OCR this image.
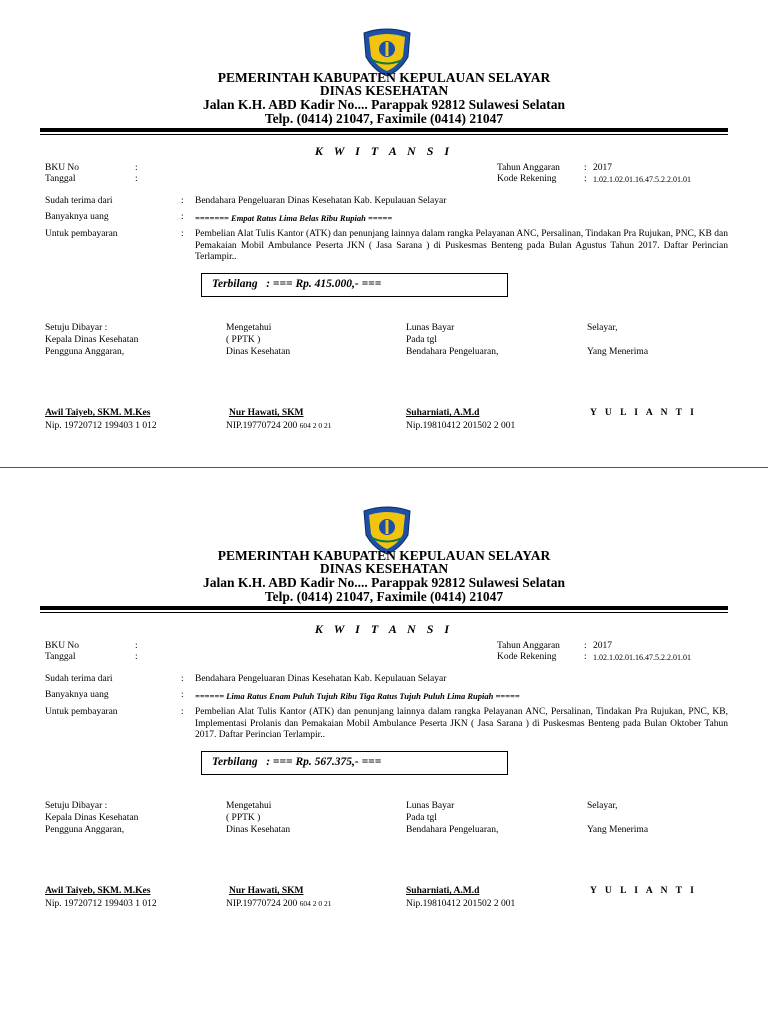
PEMERINTAH KABUPATEN KEPULAUAN SELAYAR
DINAS KESEHATAN
Jalan K.H. ABD Kadir No.... Parappak 92812 Sulawesi Selatan
Telp. (0414) 21047, Faximile (0414) 21047
K W I T A N S I
BKU No	:
Tanggal	:
Tahun Anggaran	: 2017
Kode Rekening	: 1.02.1.02.01.16.47.5.2.2.01.01
Sudah terima dari	: Bendahara Pengeluaran Dinas Kesehatan Kab. Kepulauan Selayar
Banyaknya uang	: ======= Empat Ratus Lima Belas Ribu Rupiah =====
Untuk pembayaran	: Pembelian Alat Tulis Kantor (ATK) dan penunjang lainnya dalam rangka Pelayanan ANC, Persalinan, Tindakan Pra Rujukan, PNC, KB dan Pemakaian Mobil Ambulance Peserta JKN ( Jasa Sarana ) di Puskesmas Benteng pada Bulan Agustus Tahun 2017. Daftar Perincian Terlampir..
Terbilang : === Rp. 415.000,- ===
Setuju Dibayar :
Kepala Dinas Kesehatan
Pengguna Anggaran,
Mengetahui
( PPTK )
Dinas Kesehatan
Lunas Bayar
Pada tgl
Bendahara Pengeluaran,
Selayar,
Yang Menerima
Awil Taiyeb, SKM. M.Kes	Nur Hawati, SKM	Suharniati, A.M.d	Y U L I A N T I
Nip. 19720712 199403 1 012	NIP.19770724 200 604 2 0 21	Nip.19810412 201502 2 001
PEMERINTAH KABUPATEN KEPULAUAN SELAYAR
DINAS KESEHATAN
Jalan K.H. ABD Kadir No.... Parappak 92812 Sulawesi Selatan
Telp. (0414) 21047, Faximile (0414) 21047
K W I T A N S I
BKU No	:
Tanggal	:
Tahun Anggaran	: 2017
Kode Rekening	: 1.02.1.02.01.16.47.5.2.2.01.01
Sudah terima dari	: Bendahara Pengeluaran Dinas Kesehatan Kab. Kepulauan Selayar
Banyaknya uang	: ====== Lima Ratus Enam Puluh Tujuh Ribu Tiga Ratus Tujuh Puluh Lima Rupiah =====
Untuk pembayaran	: Pembelian Alat Tulis Kantor (ATK) dan penunjang lainnya dalam rangka Pelayanan ANC, Persalinan, Tindakan Pra Rujukan, PNC, KB, Implementasi Prolanis dan Pemakaian Mobil Ambulance Peserta JKN ( Jasa Sarana ) di Puskesmas Benteng pada Bulan Oktober Tahun 2017. Daftar Perincian Terlampir..
Terbilang : === Rp. 567.375,- ===
Setuju Dibayar :
Kepala Dinas Kesehatan
Pengguna Anggaran,
Mengetahui
( PPTK )
Dinas Kesehatan
Lunas Bayar
Pada tgl
Bendahara Pengeluaran,
Selayar,
Yang Menerima
Awil Taiyeb, SKM. M.Kes	Nur Hawati, SKM	Suharniati, A.M.d	Y U L I A N T I
Nip. 19720712 199403 1 012	NIP.19770724 200 604 2 0 21	Nip.19810412 201502 2 001
